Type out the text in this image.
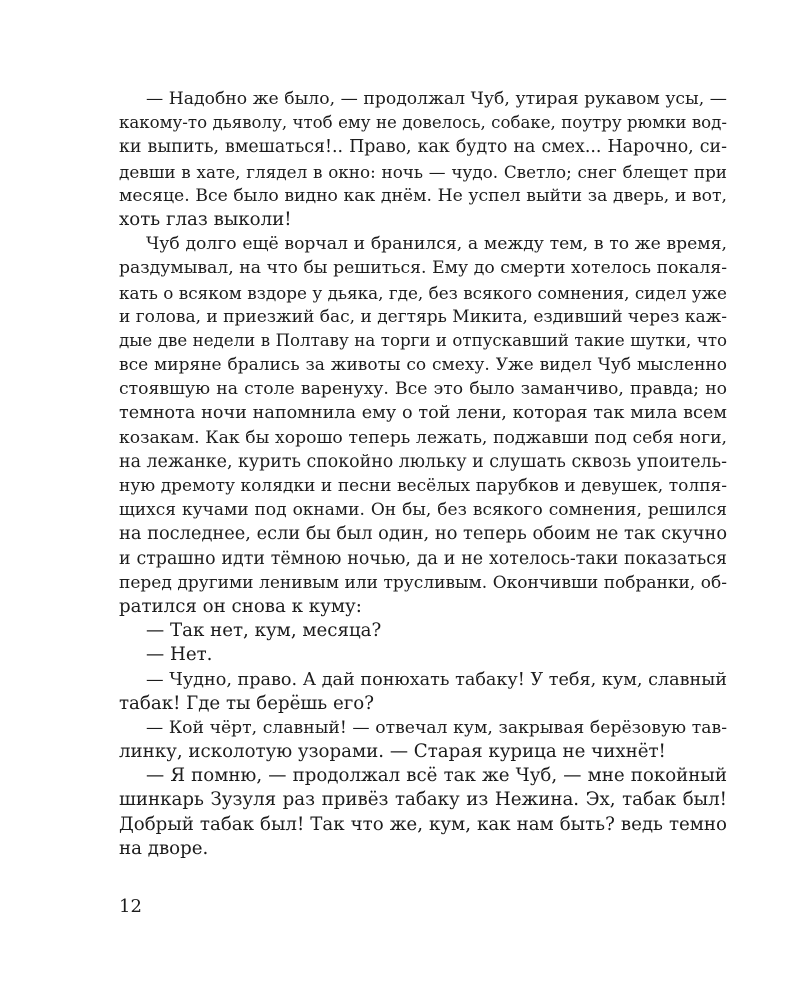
— Надобно же было, — продолжал Чуб, утирая рукавом усы, —
какому-то дьяволу, чтоб ему не довелось, собаке, поутру рюмки вод-
ки выпить, вмешаться!.. Право, как будто на смех... Нарочно, си-
девши в хате, глядел в окно: ночь — чудо. Светло; снег блещет при
месяце. Все было видно как днём. Не успел выйти за дверь, и вот,
хоть глаз выколи!
Чуб долго ещё ворчал и бранился, а между тем, в то же время,
раздумывал, на что бы решиться. Ему до смерти хотелось покаля-
кать о всяком вздоре у дьяка, где, без всякого сомнения, сидел уже
и голова, и приезжий бас, и дегтярь Микита, ездивший через каж-
дые две недели в Полтаву на торги и отпускавший такие шутки, что
все миряне брались за животы со смеху. Уже видел Чуб мысленно
стоявшую на столе варенуху. Все это было заманчиво, правда; но
темнота ночи напомнила ему о той лени, которая так мила всем
козакам. Как бы хорошо теперь лежать, поджавши под себя ноги,
на лежанке, курить спокойно люльку и слушать сквозь упоитель-
ную дремоту колядки и песни весёлых парубков и девушек, толпя-
щихся кучами под окнами. Он бы, без всякого сомнения, решился
на последнее, если бы был один, но теперь обоим не так скучно
и страшно идти тёмною ночью, да и не хотелось-таки показаться
перед другими ленивым или трусливым. Окончивши побранки, об-
ратился он снова к куму:
— Так нет, кум, месяца?
— Нет.
— Чудно, право. А дай понюхать табаку! У тебя, кум, славный
табак! Где ты берёшь его?
— Кой чёрт, славный! — отвечал кум, закрывая берёзовую тав-
линку, исколотую узорами. — Старая курица не чихнёт!
— Я помню, — продолжал всё так же Чуб, — мне покойный
шинкарь Зузуля раз привёз табаку из Нежина. Эх, табак был!
Добрый табак был! Так что же, кум, как нам быть? ведь темно
на дворе.
12
